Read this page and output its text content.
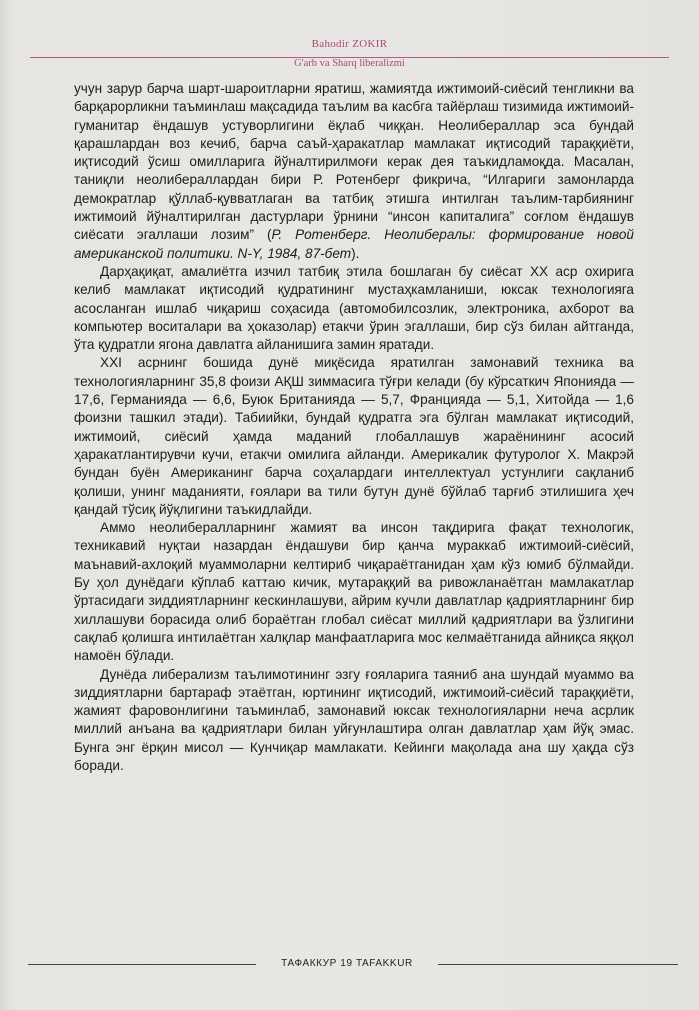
Bahodir ZOKIR
G'arb va Sharq liberalizmi

учун зарур барча шарт-шароитларни яратиш, жамиятда ижтимоий-сиёсий тенгликни ва барқарорликни таъминлаш мақсадида таълим ва касбга тайёрлаш тизимида ижтимоий-гуманитар ёндашув устуворлигини ёқлаб чиққан. Неолибераллар эса бундай қарашлардан воз кечиб, барча саъй-ҳаракатлар мамлакат иқтисодий тараққиёти, иқтисодий ўсиш омилларига йўналтирилмоғи керак дея таъкидламоқда. Масалан, таниқли неолибераллардан бири Р. Ротенберг фикрича, “Илгариги замонларда демократлар қўллаб-қувватлаган ва татбиқ этишга интилган таълим-тарбиянинг ижтимоий йўналтирилган дастурлари ўрнини “инсон капиталига” соғлом ёндашув сиёсати эгаллаши лозим” (Р. Ротенберг. Неолибералы: формирование новой американской политики. N-Y, 1984, 87-бет).

Дарҳақиқат, амалиётга изчил татбиқ этила бошлаган бу сиёсат XX аср охирига келиб мамлакат иқтисодий қудратининг мустаҳкамланиши, юксак технологияга асосланган ишлаб чиқариш соҳасида (автомобилсозлик, электроника, ахборот ва компьютер воситалари ва ҳоказолар) етакчи ўрин эгаллаши, бир сўз билан айтганда, ўта қудратли ягона давлатга айланишига замин яратади.

XXI асрнинг бошида дунё миқёсида яратилган замонавий техника ва технологияларнинг 35,8 фоизи АҚШ зиммасига тўғри келади (бу кўрсаткич Японияда — 17,6, Германияда — 6,6, Буюк Британияда — 5,7, Францияда — 5,1, Хитойда — 1,6 фоизни ташкил этади). Табиийки, бундай қудратга эга бўлган мамлакат иқтисодий, ижтимоий, сиёсий ҳамда маданий глобаллашув жараёнининг асосий ҳаракатлантирувчи кучи, етакчи омилига айланди. Америкалик футуролог Х. Макрэй бундан буён Американинг барча соҳалардаги интеллектуал устунлиги сақланиб қолиши, унинг маданияти, ғоялари ва тили бутун дунё бўйлаб тарғиб этилишига ҳеч қандай тўсиқ йўқлигини таъкидлайди.

Аммо неолибералларнинг жамият ва инсон тақдирига фақат технологик, техникавий нуқтаи назардан ёндашуви бир қанча мураккаб ижтимоий-сиёсий, маънавий-ахлоқий муаммоларни келтириб чиқараётганидан ҳам кўз юмиб бўлмайди. Бу ҳол дунёдаги кўплаб каттаю кичик, мутараққий ва ривожланаётган мамлакатлар ўртасидаги зиддиятларнинг кескинлашуви, айрим кучли давлатлар қадриятларнинг бир хиллашуви борасида олиб бораётган глобал сиёсат миллий қадриятлари ва ўзлигини сақлаб қолишга интилаётган халқлар манфаатларига мос келмаётганида айниқса яққол намоён бўлади.

Дунёда либерализм таълимотининг эзгу ғояларига таяниб ана шундай муаммо ва зиддиятларни бартараф этаётган, юртининг иқтисодий, ижтимоий-сиёсий тараққиёти, жамият фаровонлигини таъминлаб, замонавий юксак технологияларни неча асрлик миллий анъана ва қадриятлари билан уйғунлаштира олган давлатлар ҳам йўқ эмас. Бунга энг ёрқин мисол — Кунчиқар мамлакати. Кейинги мақолада ана шу ҳақда сўз боради.

ТАФАККУР 19 TAFAKKUR
